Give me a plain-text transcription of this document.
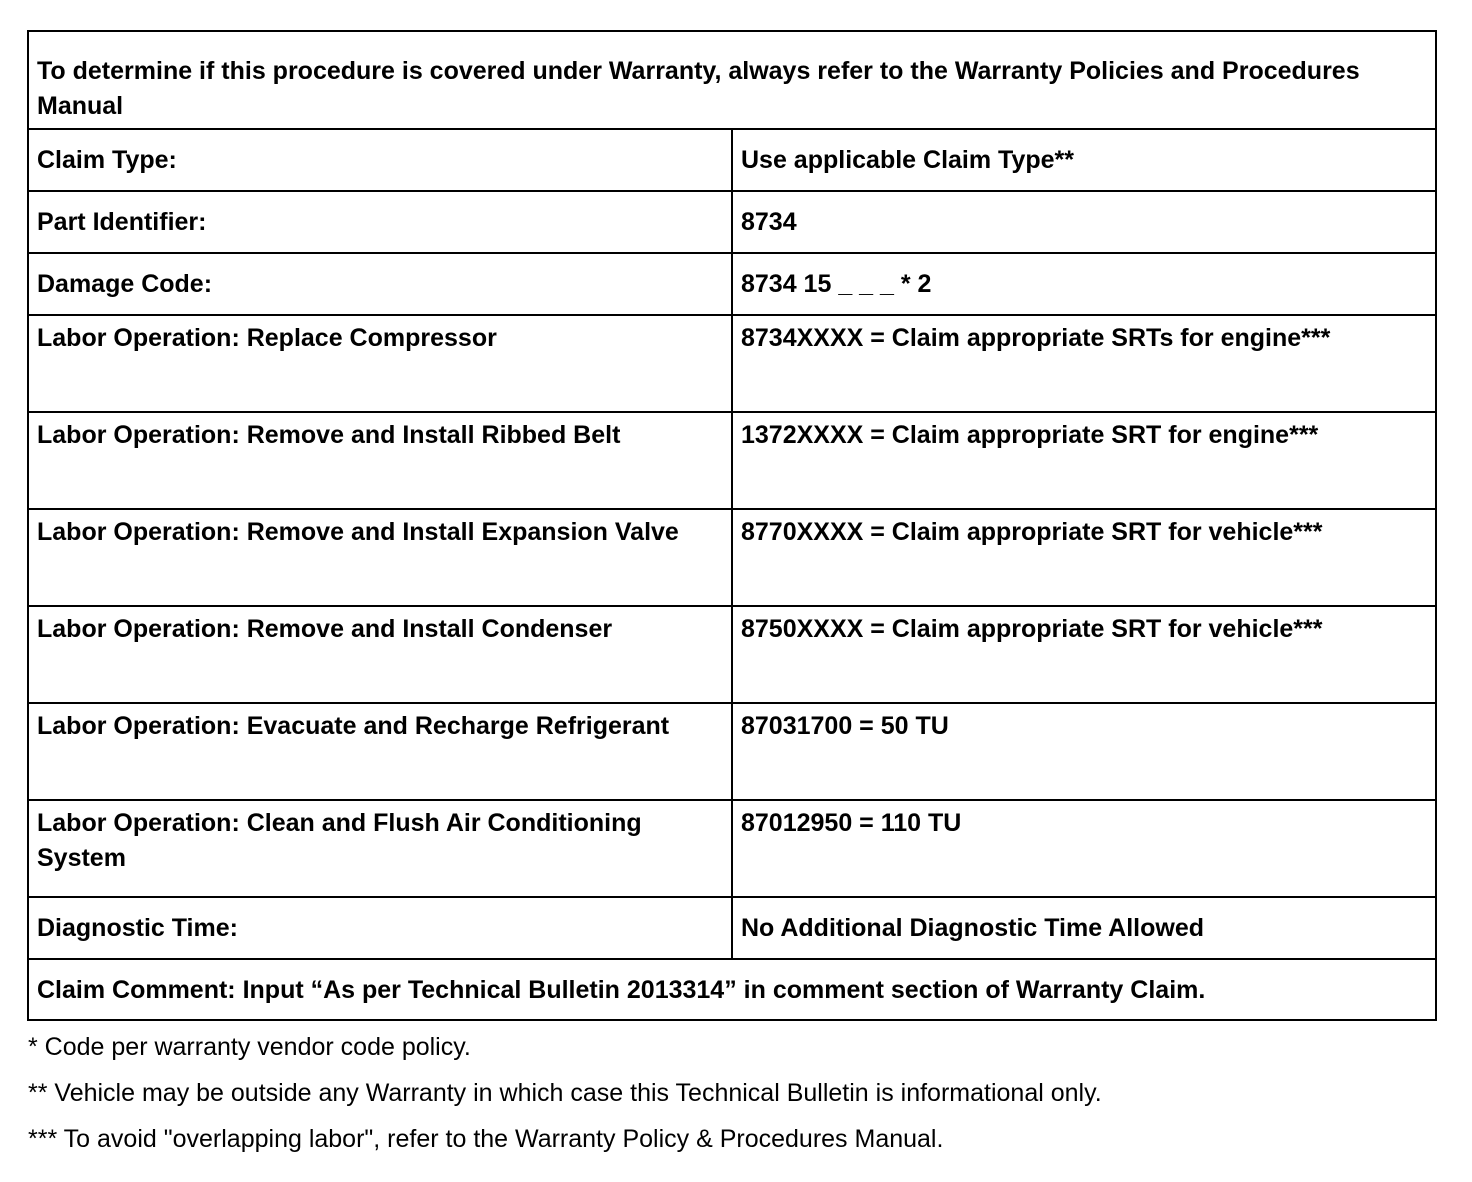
To determine if this procedure is covered under Warranty, always refer to the Warranty Policies and Procedures Manual	
Claim Type:	Use applicable Claim Type**
Part Identifier:	8734
Damage Code:	8734 15 _ _ _ * 2
Labor Operation: Replace Compressor	8734XXXX = Claim appropriate SRTs for engine***
Labor Operation: Remove and Install Ribbed Belt	1372XXXX = Claim appropriate SRT for engine***
Labor Operation: Remove and Install Expansion Valve	8770XXXX = Claim appropriate SRT for vehicle***
Labor Operation: Remove and Install Condenser	8750XXXX = Claim appropriate SRT for vehicle***
Labor Operation: Evacuate and Recharge Refrigerant	87031700 = 50 TU
Labor Operation: Clean and Flush Air Conditioning System	87012950 = 110 TU
Diagnostic Time:	No Additional Diagnostic Time Allowed
Claim Comment: Input “As per Technical Bulletin 2013314” in comment section of Warranty Claim.	
* Code per warranty vendor code policy.
** Vehicle may be outside any Warranty in which case this Technical Bulletin is informational only.
*** To avoid "overlapping labor", refer to the Warranty Policy & Procedures Manual.
